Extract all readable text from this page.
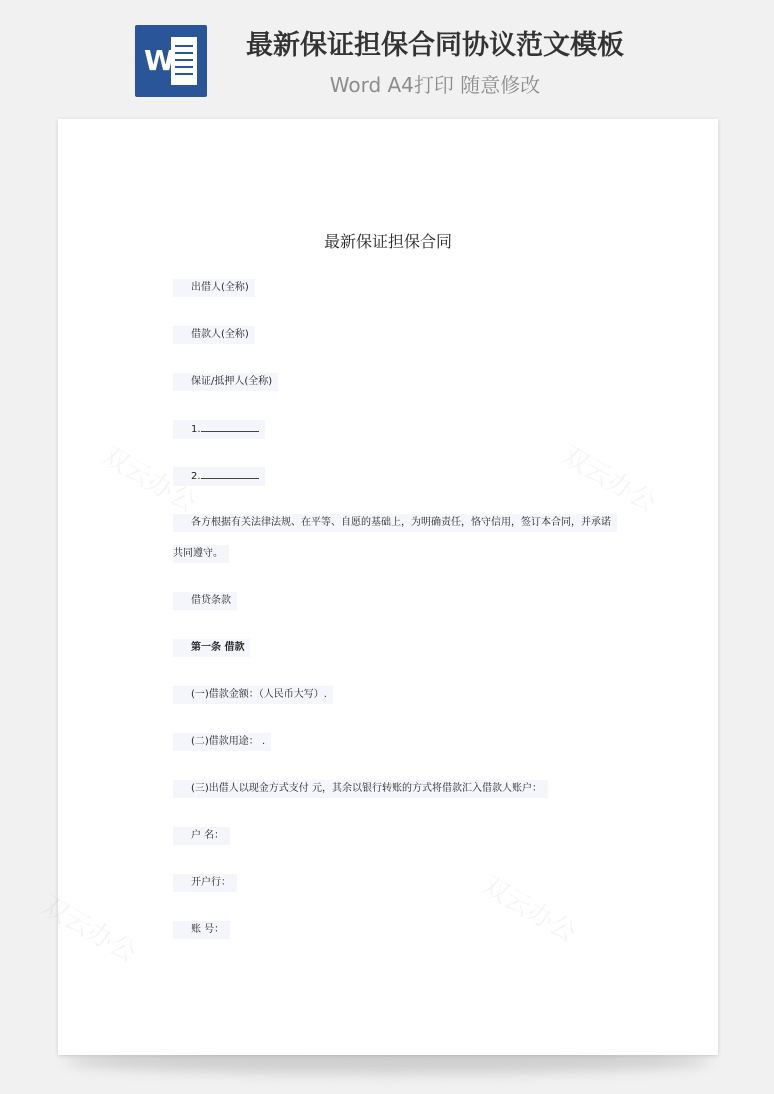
W	最新保证担保合同协议范文模板
Word A4打印 随意修改
最新保证担保合同
出借人(全称)
借款人(全称)
保证/抵押人(全称)
1.
2.
各方根据有关法律法规、在平等、自愿的基础上，为明确责任，恪守信用，签订本合同，并承诺
共同遵守。
借贷条款
第一条 借款
(一)借款金额：（人民币大写）.
(二)借款用途： .
(三)出借人以现金方式支付 元，其余以银行转账的方式将借款汇入借款人账户：
户 名：
开户行：
账 号：
